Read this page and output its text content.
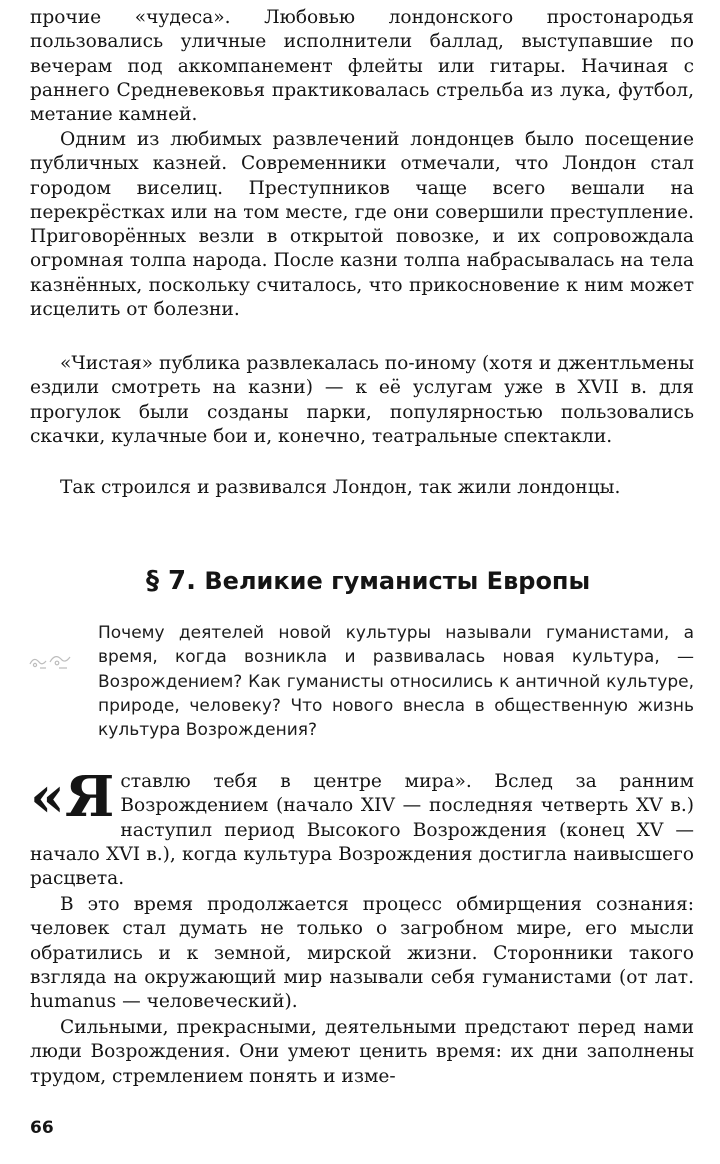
прочие «чудеса». Любовью лондонского простонародья пользовались уличные исполнители баллад, выступавшие по вечерам под аккомпанемент флейты или гитары. Начиная с раннего Средневековья практиковалась стрельба из лука, футбол, метание камней.

Одним из любимых развлечений лондонцев было посещение публичных казней. Современники отмечали, что Лондон стал городом виселиц. Преступников чаще всего вешали на перекрёстках или на том месте, где они совершили преступление. Приговорённых везли в открытой повозке, и их сопровождала огромная толпа народа. После казни толпа набрасывалась на тела казнённых, поскольку считалось, что прикосновение к ним может исцелить от болезни.

«Чистая» публика развлекалась по-иному (хотя и джентльмены ездили смотреть на казни) — к её услугам уже в XVII в. для прогулок были созданы парки, популярностью пользовались скачки, кулачные бои и, конечно, театральные спектакли.

Так строился и развивался Лондон, так жили лондонцы.

§ 7. Великие гуманисты Европы

Почему деятелей новой культуры называли гуманистами, а время, когда возникла и развивалась новая культура, — Возрождением? Как гуманисты относились к античной культуре, природе, человеку? Что нового внесла в общественную жизнь культура Возрождения?

«Я ставлю тебя в центре мира». Вслед за ранним Возрождением (начало XIV — последняя четверть XV в.) наступил период Высокого Возрождения (конец XV — начало XVI в.), когда культура Возрождения достигла наивысшего расцвета.

В это время продолжается процесс обмирщения сознания: человек стал думать не только о загробном мире, его мысли обратились и к земной, мирской жизни. Сторонники такого взгляда на окружающий мир называли себя гуманистами (от лат. humanus — человеческий).

Сильными, прекрасными, деятельными предстают перед нами люди Возрождения. Они умеют ценить время: их дни заполнены трудом, стремлением понять и изме-

66
